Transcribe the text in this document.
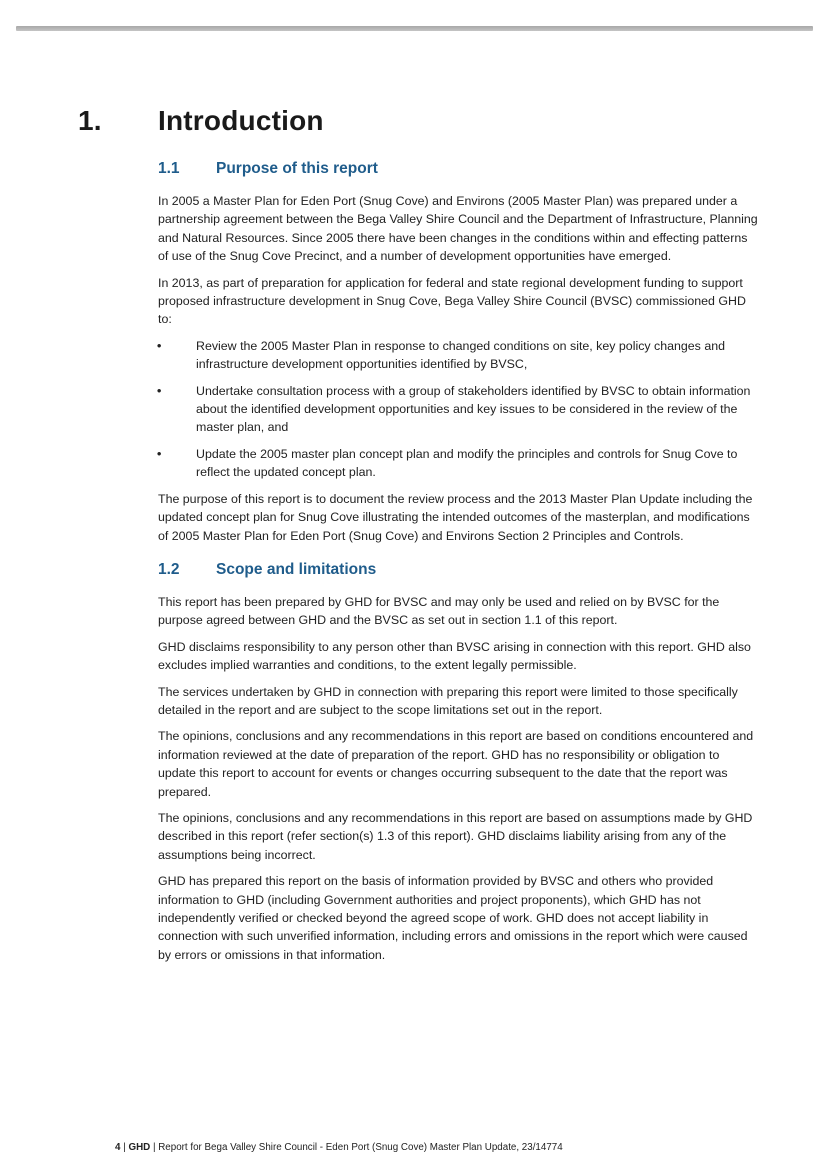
1. Introduction
1.1 Purpose of this report

In 2005 a Master Plan for Eden Port (Snug Cove) and Environs (2005 Master Plan) was prepared under a partnership agreement between the Bega Valley Shire Council and the Department of Infrastructure, Planning and Natural Resources. Since 2005 there have been changes in the conditions within and effecting patterns of use of the Snug Cove Precinct, and a number of development opportunities have emerged.

In 2013, as part of preparation for application for federal and state regional development funding to support proposed infrastructure development in Snug Cove, Bega Valley Shire Council (BVSC) commissioned GHD to:

•	Review the 2005 Master Plan in response to changed conditions on site, key policy changes and infrastructure development opportunities identified by BVSC,
•	Undertake consultation process with a group of stakeholders identified by BVSC to obtain information about the identified development opportunities and key issues to be considered in the review of the master plan, and
•	Update the 2005 master plan concept plan and modify the principles and controls for Snug Cove to reflect the updated concept plan.

The purpose of this report is to document the review process and the 2013 Master Plan Update including the updated concept plan for Snug Cove illustrating the intended outcomes of the masterplan, and modifications of 2005 Master Plan for Eden Port (Snug Cove) and Environs Section 2 Principles and Controls.

1.2 Scope and limitations

This report has been prepared by GHD for BVSC and may only be used and relied on by BVSC for the purpose agreed between GHD and the BVSC as set out in section 1.1 of this report.

GHD disclaims responsibility to any person other than BVSC arising in connection with this report. GHD also excludes implied warranties and conditions, to the extent legally permissible.

The services undertaken by GHD in connection with preparing this report were limited to those specifically detailed in the report and are subject to the scope limitations set out in the report.

The opinions, conclusions and any recommendations in this report are based on conditions encountered and information reviewed at the date of preparation of the report. GHD has no responsibility or obligation to update this report to account for events or changes occurring subsequent to the date that the report was prepared.

The opinions, conclusions and any recommendations in this report are based on assumptions made by GHD described in this report (refer section(s) 1.3 of this report). GHD disclaims liability arising from any of the assumptions being incorrect.

GHD has prepared this report on the basis of information provided by BVSC and others who provided information to GHD (including Government authorities and project proponents), which GHD has not independently verified or checked beyond the agreed scope of work. GHD does not accept liability in connection with such unverified information, including errors and omissions in the report which were caused by errors or omissions in that information.

4 | GHD | Report for Bega Valley Shire Council - Eden Port (Snug Cove) Master Plan Update, 23/14774
